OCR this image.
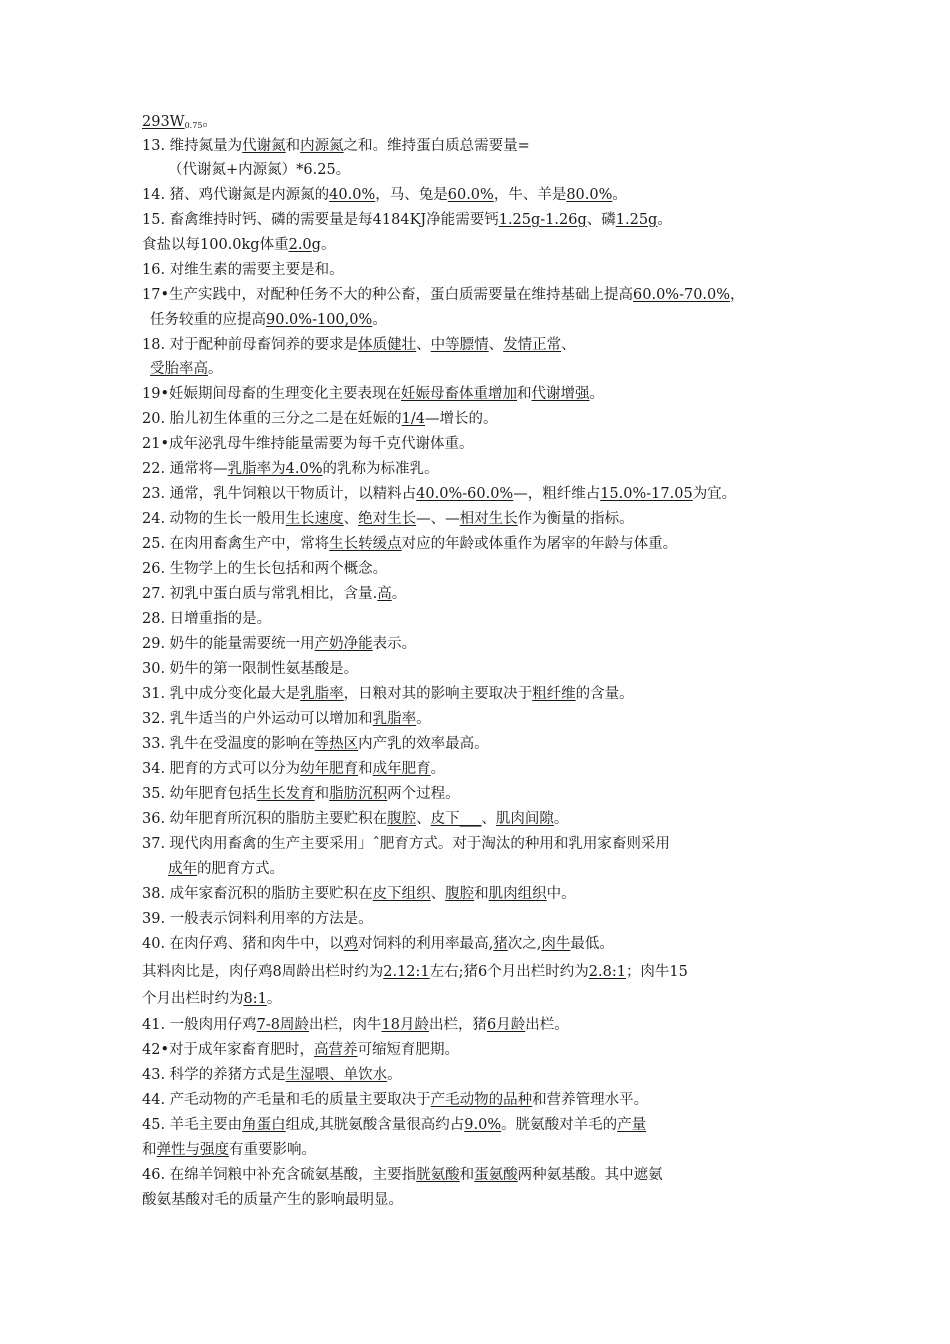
$293W_{0.75}$。
13. 维持氮量为代谢氮和内源氮之和。维持蛋白质总需要量=
（代谢氮+内源氮）*6.25。
14. 猪、鸡代谢氮是内源氮的40.0%，马、兔是60.0%，牛、羊是80.0%。
15. 畜禽维持时钙、磷的需要量是每4184KJ净能需要钙1.25g-1.26g、磷1.25g。
食盐以每100.0kg体重2.0g。
16. 对维生素的需要主要是和。
17•生产实践中，对配种任务不大的种公畜，蛋白质需要量在维持基础上提高60.0%-70.0%，
任务较重的应提高90.0%-100,0%。
18. 对于配种前母畜饲养的要求是体质健壮、中等膘情、发情正常、
受胎率高。
19•妊娠期间母畜的生理变化主要表现在妊娠母畜体重增加和代谢增强。
20. 胎儿初生体重的三分之二是在妊娠的1/4—增长的。
21•成年泌乳母牛维持能量需要为每千克代谢体重。
22. 通常将—乳脂率为4.0%的乳称为标准乳。
23. 通常，乳牛饲粮以干物质计，以精料占40.0%-60.0%—，粗纤维占15.0%-17.05为宜。
24. 动物的生长一般用生长速度、绝对生长—、—相对生长作为衡量的指标。
25. 在肉用畜禽生产中，常将生长转缓点对应的年龄或体重作为屠宰的年龄与体重。
26. 生物学上的生长包括和两个概念。
27. 初乳中蛋白质与常乳相比，含量.高。
28. 日增重指的是。
29. 奶牛的能量需要统一用产奶净能表示。
30. 奶牛的第一限制性氨基酸是。
31. 乳中成分变化最大是乳脂率，日粮对其的影响主要取决于粗纤维的含量。
32. 乳牛适当的户外运动可以增加和乳脂率。
33. 乳牛在受温度的影响在等热区内产乳的效率最高。
34. 肥育的方式可以分为幼年肥育和成年肥育。
35. 幼年肥育包括生长发育和脂肪沉积两个过程。
36. 幼年肥育所沉积的脂肪主要贮积在腹腔、皮下___、肌肉间隙。
37. 现代肉用畜禽的生产主要采用」ˆ肥育方式。对于淘汰的种用和乳用家畜则采用
成年的肥育方式。
38. 成年家畜沉积的脂肪主要贮积在皮下组织、腹腔和肌肉组织中。
39. 一般表示饲料利用率的方法是。
40. 在肉仔鸡、猪和肉牛中，以鸡对饲料的利用率最高,猪次之,肉牛最低。
其料肉比是，肉仔鸡8周龄出栏时约为2.12:1左右;猪6个月出栏时约为2.8:1；肉牛15
个月出栏时约为8:1。
41. 一般肉用仔鸡7-8周龄出栏，肉牛18月龄出栏，猪6月龄出栏。
42•对于成年家畜育肥时，高营养可缩短育肥期。
43. 科学的养猪方式是生湿喂、单饮水。
44. 产毛动物的产毛量和毛的质量主要取决于产毛动物的品种和营养管理水平。
45. 羊毛主要由角蛋白组成,其胱氨酸含量很高约占9.0%。胱氨酸对羊毛的产量
和弹性与强度有重要影响。
46. 在绵羊饲粮中补充含硫氨基酸，主要指胱氨酸和蛋氨酸两种氨基酸。其中遮氨
酸氨基酸对毛的质量产生的影响最明显。
